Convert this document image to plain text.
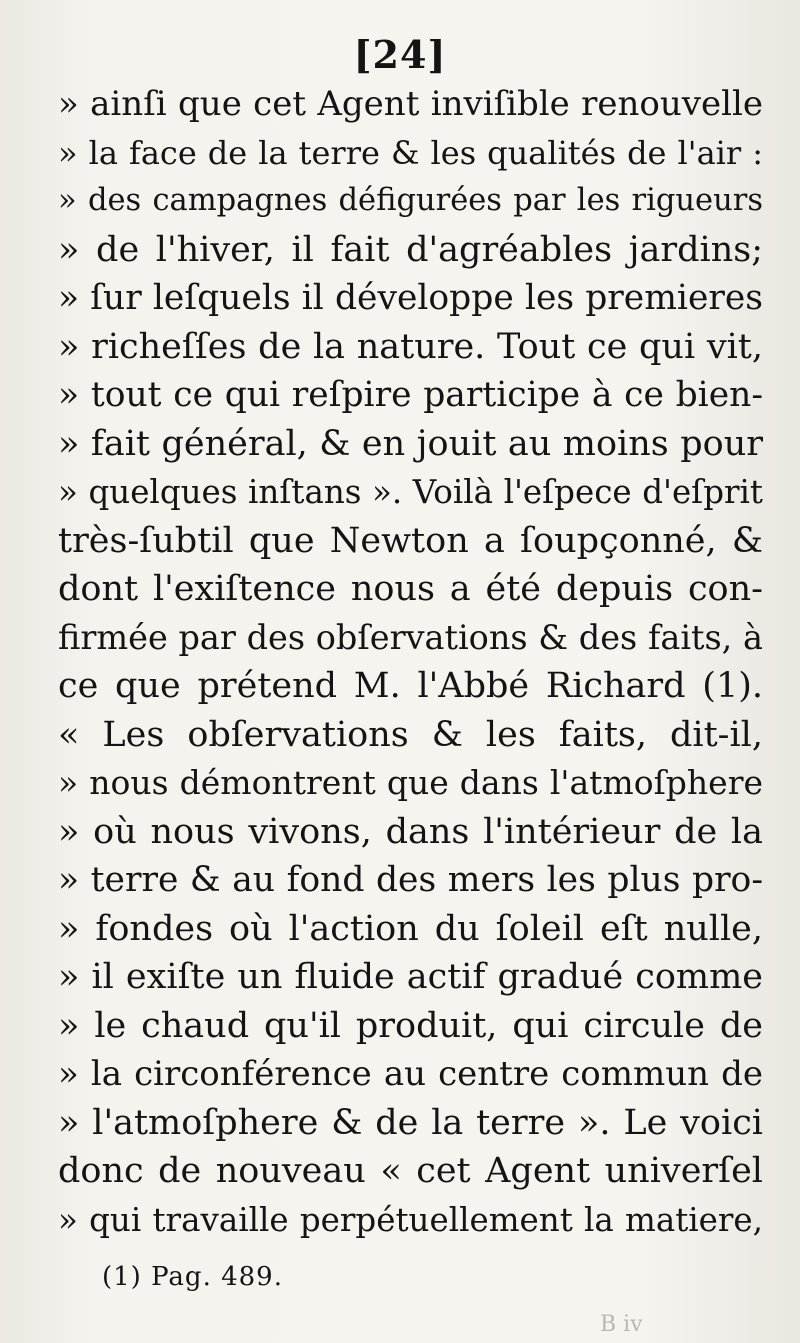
[24]
» ainſi que cet Agent inviſible renouvelle
» la face de la terre & les qualités de l'air :
» des campagnes défigurées par les rigueurs
» de l'hiver, il fait d'agréables jardins;
» ſur leſquels il développe les premieres
» richeſſes de la nature. Tout ce qui vit,
» tout ce qui reſpire participe à ce bien-
» fait général, & en jouit au moins pour
» quelques inſtans ». Voilà l'eſpece d'eſprit
très-ſubtil que Newton a ſoupçonné, &
dont l'exiſtence nous a été depuis con-
firmée par des obſervations & des faits, à
ce que prétend M. l'Abbé Richard (1).
« Les obſervations & les faits, dit-il,
» nous démontrent que dans l'atmoſphere
» où nous vivons, dans l'intérieur de la
» terre & au fond des mers les plus pro-
» fondes où l'action du ſoleil eſt nulle,
» il exiſte un fluide actif gradué comme
» le chaud qu'il produit, qui circule de
» la circonférence au centre commun de
» l'atmoſphere & de la terre ». Le voici
donc de nouveau « cet Agent univerſel
» qui travaille perpétuellement la matiere,
(1) Pag. 489.
B iv
